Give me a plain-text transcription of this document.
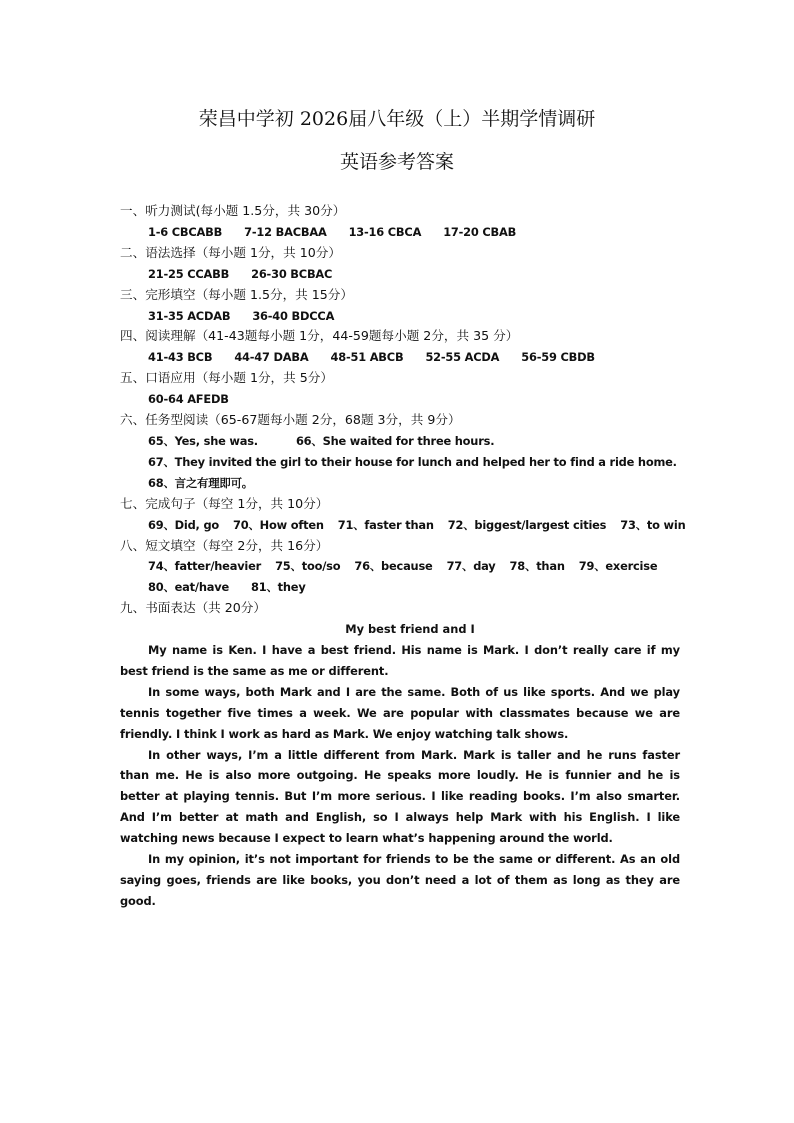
荣昌中学初 2026届八年级（上）半期学情调研
英语参考答案
一、听力测试(每小题 1.5分，共 30分）
1-6 CBCABB 7-12 BACBAA 13-16 CBCA 17-20 CBAB
二、语法选择（每小题 1分，共 10分）
21-25 CCABB 26-30 BCBAC
三、完形填空（每小题 1.5分，共 15分）
31-35 ACDAB 36-40 BDCCA
四、阅读理解（41-43题每小题 1分，44-59题每小题 2分，共 35 分）
41-43 BCB 44-47 DABA 48-51 ABCB 52-55 ACDA 56-59 CBDB
五、口语应用（每小题 1分，共 5分）
60-64 AFEDB
六、任务型阅读（65-67题每小题 2分，68题 3分，共 9分）
65、Yes, she was.	66、She waited for three hours.
67、They invited the girl to their house for lunch and helped her to find a ride home.
68、言之有理即可。
七、完成句子（每空 1分，共 10分）
69、Did, go 70、How often 71、faster than 72、biggest/largest cities 73、to win
八、短文填空（每空 2分，共 16分）
74、fatter/heavier 75、too/so 76、because 77、day 78、than 79、exercise
80、eat/have 81、they
九、书面表达（共 20分）
My best friend and I

My name is Ken. I have a best friend. His name is Mark. I don’t really care if my best friend is the same as me or different.

In some ways, both Mark and I are the same. Both of us like sports. And we play tennis together five times a week. We are popular with classmates because we are friendly. I think I work as hard as Mark. We enjoy watching talk shows.

In other ways, I’m a little different from Mark. Mark is taller and he runs faster than me. He is also more outgoing. He speaks more loudly. He is funnier and he is better at playing tennis. But I’m more serious. I like reading books. I’m also smarter. And I’m better at math and English, so I always help Mark with his English. I like watching news because I expect to learn what’s happening around the world.

In my opinion, it’s not important for friends to be the same or different. As an old saying goes, friends are like books, you don’t need a lot of them as long as they are good.
